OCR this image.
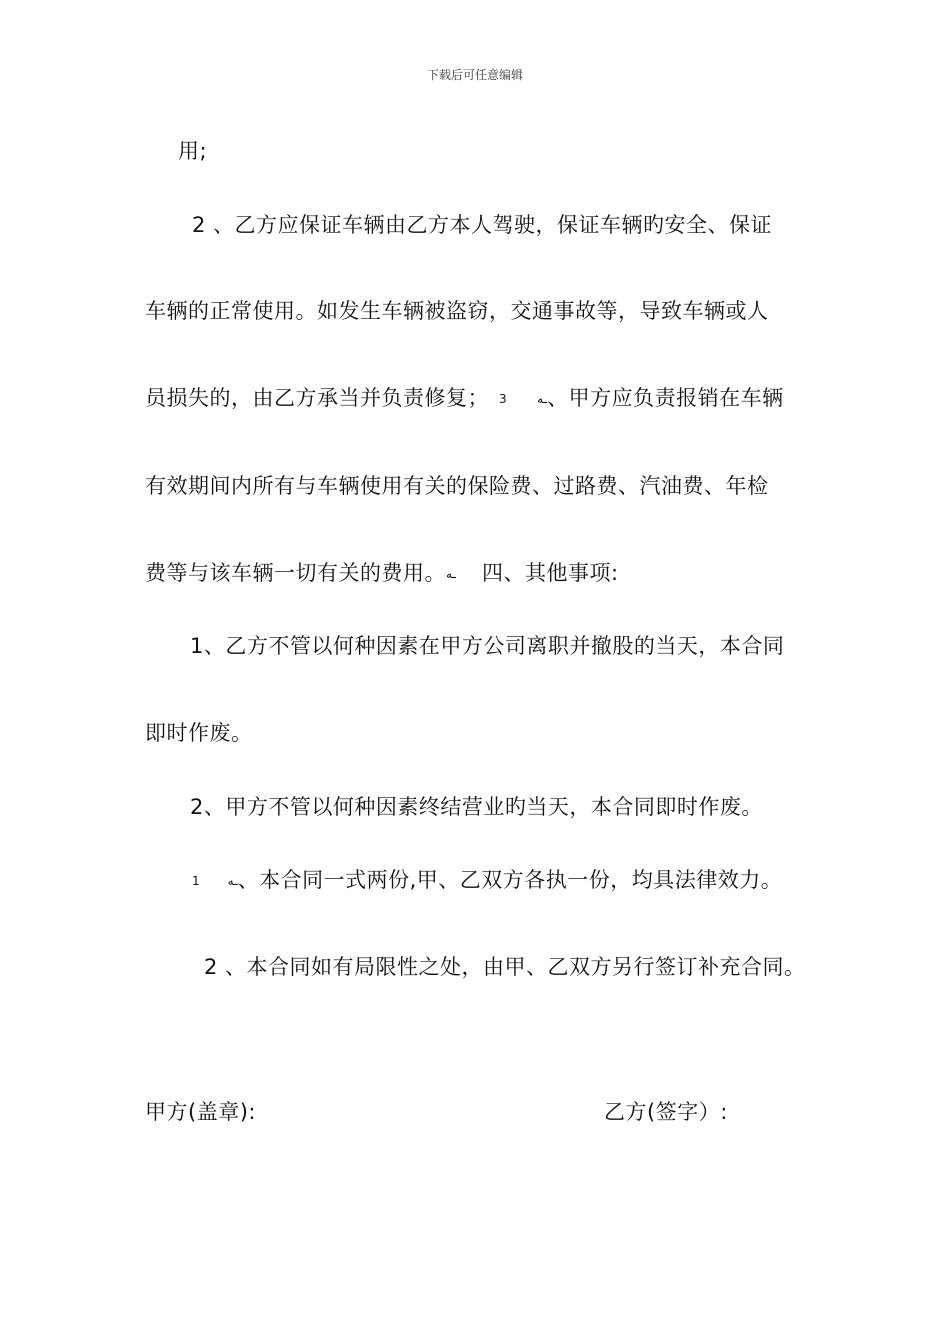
下载后可任意编辑
用;
2 、乙方应保证车辆由乙方本人驾驶，保证车辆旳安全、保证
车辆的正常使用。如发生车辆被盗窃，交通事故等，导致车辆或人
员损失的，由乙方承当并负责修复； 3	ـه、甲方应负责报销在车辆
有效期间内所有与车辆使用有关的保险费、过路费、汽油费、年检
费等与该车辆一切有关的费用。ـه 四、其他事项:
1、乙方不管以何种因素在甲方公司离职并撤股的当天，本合同
即时作废。
2、甲方不管以何种因素终结营业旳当天，本合同即时作废。
1 ـه、本合同一式两份,甲、乙双方各执一份，均具法律效力。
2 、本合同如有局限性之处，由甲、乙双方另行签订补充合同。
甲方(盖章):	乙方(签字）:
